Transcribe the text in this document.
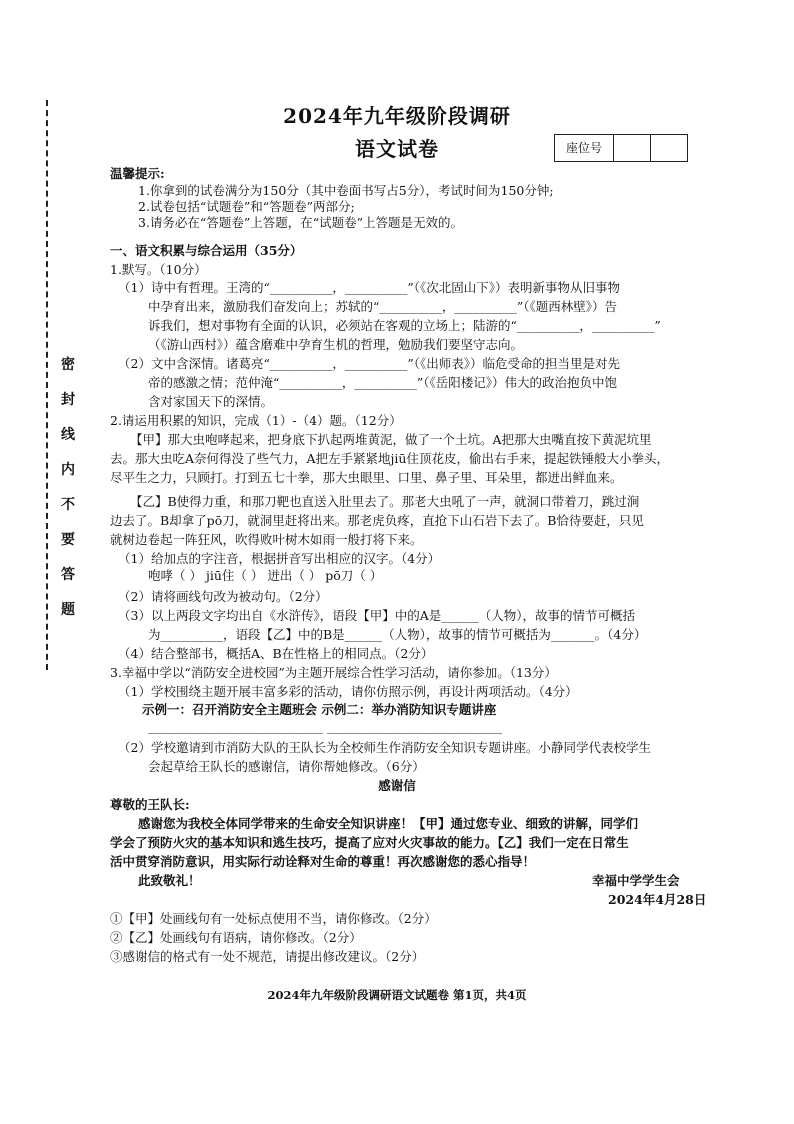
密
封
线
内
不
要
答
题
2024年九年级阶段调研
语文试卷	座位号
温馨提示:
1.你拿到的试卷满分为150分（其中卷面书写占5分），考试时间为150分钟;
2.试卷包括“试题卷”和“答题卷”两部分;
3.请务必在“答题卷”上答题，在“试题卷”上答题是无效的。
一、语文积累与综合运用（35分）
1.默写。（10分）
（1）诗中有哲理。王湾的“__________，__________”（《次北固山下》）表明新事物从旧事物
中孕育出来，激励我们奋发向上；苏轼的“__________，__________”（《题西林壁》）告
诉我们，想对事物有全面的认识，必须站在客观的立场上；陆游的“__________，__________”
（《游山西村》）蕴含磨难中孕育生机的哲理，勉励我们要坚守志向。
（2）文中含深情。诸葛亮“__________，__________”（《出师表》）临危受命的担当里是对先
帝的感激之情；范仲淹“__________，__________”（《岳阳楼记》）伟大的政治抱负中饱
含对家国天下的深情。
2.请运用积累的知识，完成（1）-（4）题。（12分）
【甲】那大虫咆哮起来，把身底下扒起两堆黄泥，做了一个土坑。A把那大虫嘴直按下黄泥坑里
去。那大虫吃A奈何得没了些气力，A把左手紧紧地jiū住顶花皮，偷出右手来，提起铁锤般大小拳头，
尽平生之力，只顾打。打到五七十拳，那大虫眼里、口里、鼻子里、耳朵里，都迸出鲜血来。
【乙】B使得力重，和那刀靶也直送入肚里去了。那老大虫吼了一声，就洞口带着刀，跳过涧
边去了。B却拿了pō刀，就洞里赶将出来。那老虎负疼，直抢下山石岩下去了。B恰待要赶，只见
就树边卷起一阵狂风，吹得败叶树木如雨一般打将下来。
（1）给加点的字注音，根据拼音写出相应的汉字。（4分）
咆哮（ ） jiū住（ ） 迸出（ ） pō刀（ ）
（2）请将画线句改为被动句。（2分）
（3）以上两段文字均出自《水浒传》，语段【甲】中的A是______（人物），故事的情节可概括
为__________，语段【乙】中的B是______（人物），故事的情节可概括为_______。（4分）
（4）结合整部书，概括A、B在性格上的相同点。（2分）
3.幸福中学以“消防安全进校园”为主题开展综合性学习活动，请你参加。（13分）
（1）学校围绕主题开展丰富多彩的活动，请你仿照示例，再设计两项活动。（4分）
示例一：召开消防安全主题班会 示例二：举办消防知识专题讲座
____________________________ ____________________________
（2）学校邀请到市消防大队的王队长为全校师生作消防安全知识专题讲座。小静同学代表校学生
会起草给王队长的感谢信，请你帮她修改。（6分）
感谢信
尊敬的王队长:
感谢您为我校全体同学带来的生命安全知识讲座！【甲】通过您专业、细致的讲解，同学们
学会了预防火灾的基本知识和逃生技巧，提高了应对火灾事故的能力。【乙】我们一定在日常生
活中贯穿消防意识，用实际行动诠释对生命的尊重！再次感谢您的悉心指导！
此致敬礼！	幸福中学学生会
2024年4月28日
①【甲】处画线句有一处标点使用不当，请你修改。（2分）
②【乙】处画线句有语病，请你修改。（2分）
③感谢信的格式有一处不规范，请提出修改建议。（2分）
2024年九年级阶段调研语文试题卷 第1页，共4页
